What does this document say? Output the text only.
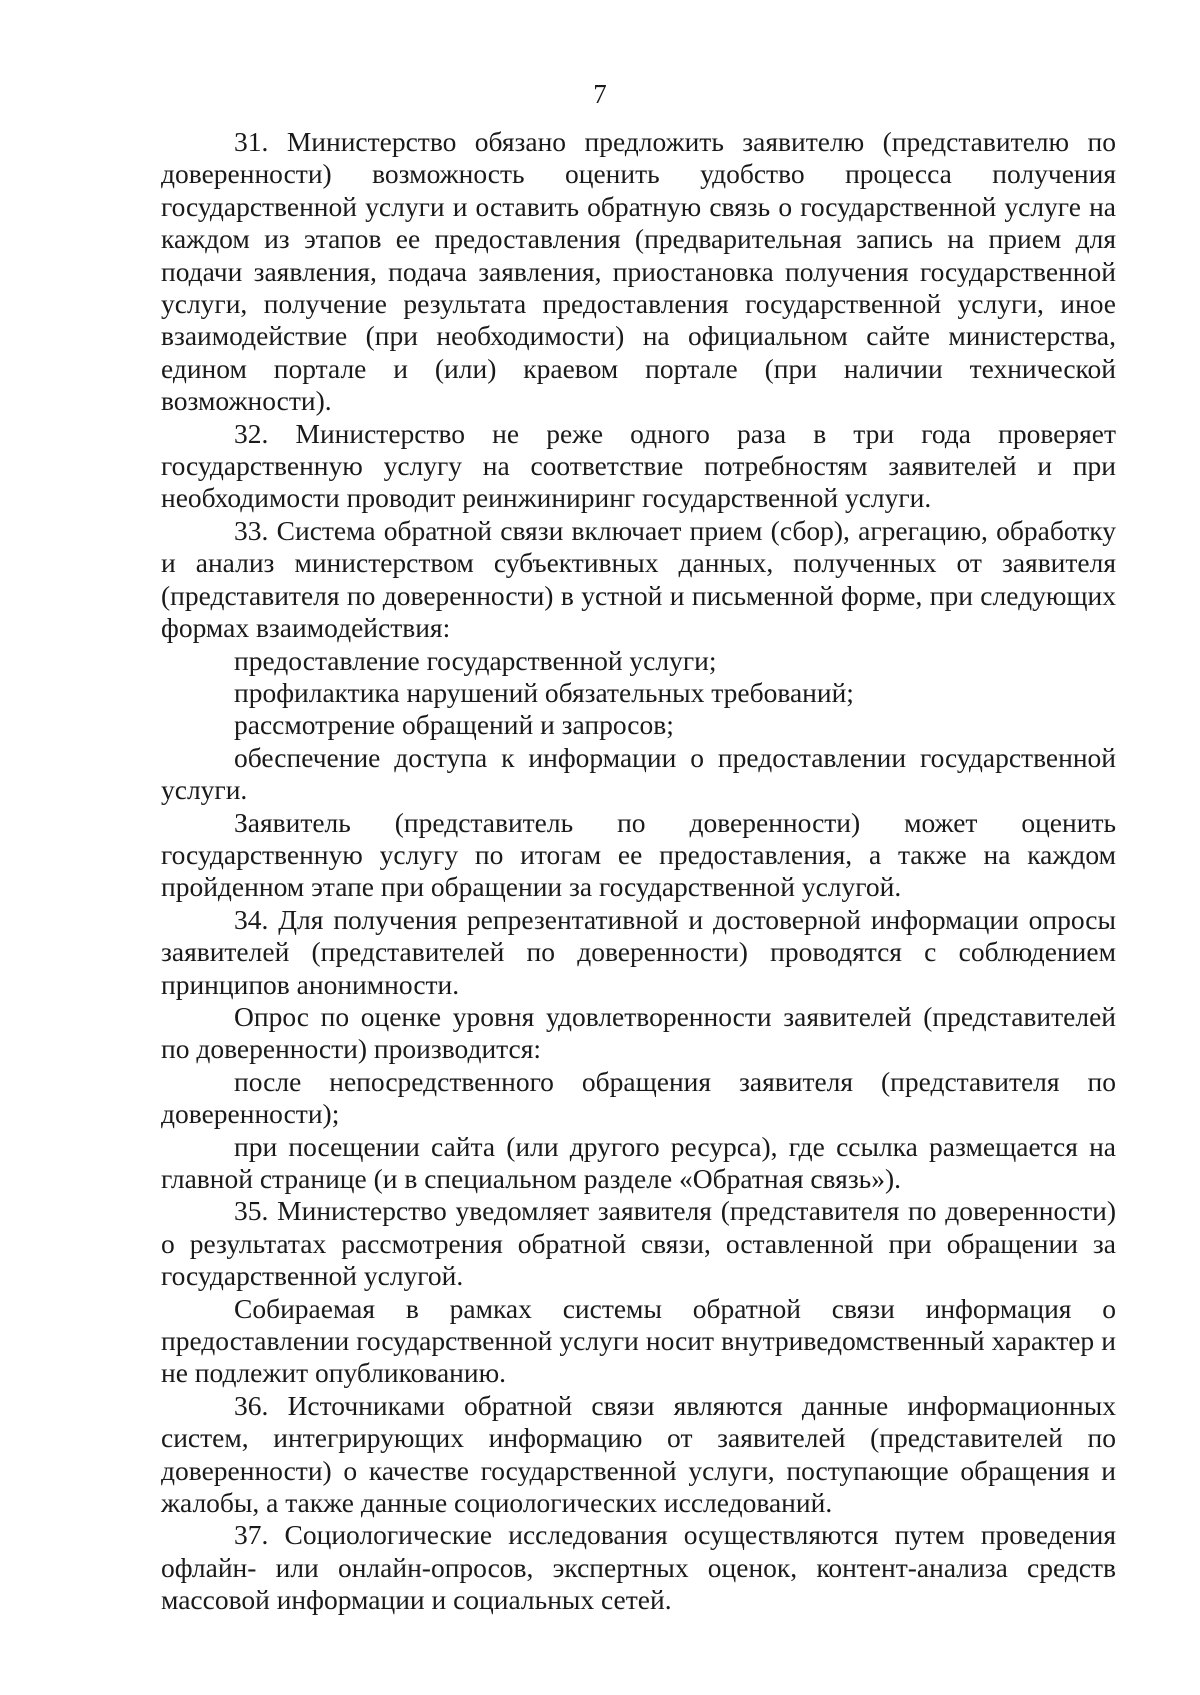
7

31. Министерство обязано предложить заявителю (представителю по доверенности) возможность оценить удобство процесса получения государственной услуги и оставить обратную связь о государственной услуге на каждом из этапов ее предоставления (предварительная запись на прием для подачи заявления, подача заявления, приостановка получения государственной услуги, получение результата предоставления государственной услуги, иное взаимодействие (при необходимости) на официальном сайте министерства, едином портале и (или) краевом портале (при наличии технической возможности).

32. Министерство не реже одного раза в три года проверяет государственную услугу на соответствие потребностям заявителей и при необходимости проводит реинжиниринг государственной услуги.

33. Система обратной связи включает прием (сбор), агрегацию, обработку и анализ министерством субъективных данных, полученных от заявителя (представителя по доверенности) в устной и письменной форме, при следующих формах взаимодействия:

предоставление государственной услуги;

профилактика нарушений обязательных требований;

рассмотрение обращений и запросов;

обеспечение доступа к информации о предоставлении государственной услуги.

Заявитель (представитель по доверенности) может оценить государственную услугу по итогам ее предоставления, а также на каждом пройденном этапе при обращении за государственной услугой.

34. Для получения репрезентативной и достоверной информации опросы заявителей (представителей по доверенности) проводятся с соблюдением принципов анонимности.

Опрос по оценке уровня удовлетворенности заявителей (представителей по доверенности) производится:

после непосредственного обращения заявителя (представителя по доверенности);

при посещении сайта (или другого ресурса), где ссылка размещается на главной странице (и в специальном разделе «Обратная связь»).

35. Министерство уведомляет заявителя (представителя по доверенности) о результатах рассмотрения обратной связи, оставленной при обращении за государственной услугой.

Собираемая в рамках системы обратной связи информация о предоставлении государственной услуги носит внутриведомственный характер и не подлежит опубликованию.

36. Источниками обратной связи являются данные информационных систем, интегрирующих информацию от заявителей (представителей по доверенности) о качестве государственной услуги, поступающие обращения и жалобы, а также данные социологических исследований.

37. Социологические исследования осуществляются путем проведения офлайн- или онлайн-опросов, экспертных оценок, контент-анализа средств массовой информации и социальных сетей.
